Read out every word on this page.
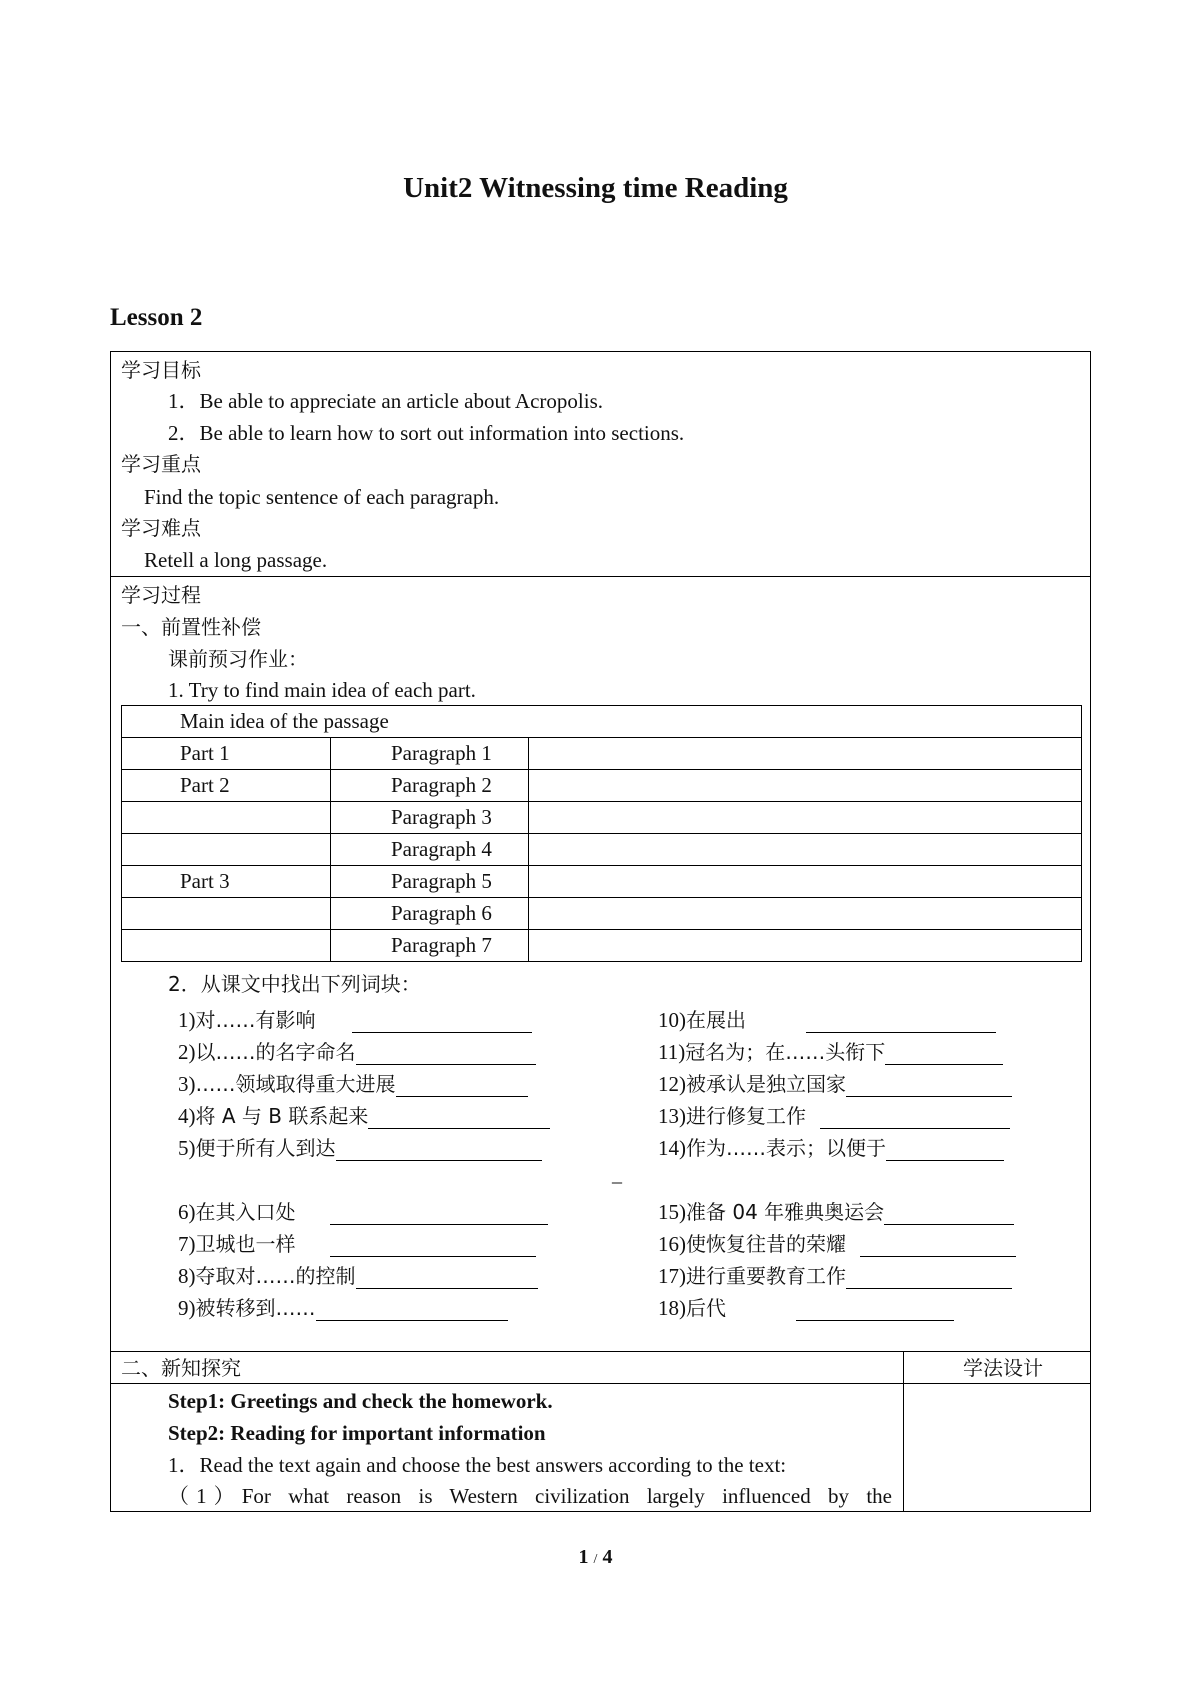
Unit2 Witnessing time Reading
Lesson 2
学习目标
1．Be able to appreciate an article about Acropolis.
2．Be able to learn how to sort out information into sections.
学习重点
Find the topic sentence of each paragraph.
学习难点
Retell a long passage.
学习过程
一、前置性补偿
课前预习作业：
1. Try to find main idea of each part.
Main idea of the passage		
Part 1	Paragraph 1	
Part 2	Paragraph 2	
	Paragraph 3	
	Paragraph 4	
Part 3	Paragraph 5	
	Paragraph 6	
	Paragraph 7	
2．从课文中找出下列词块：
1)对……有影响
2)以……的名字命名
3)……领域取得重大进展
4)将 A 与 B 联系起来
5)便于所有人到达
_
6)在其入口处
7)卫城也一样
8)夺取对……的控制
9)被转移到……
10)在展出
11)冠名为；在……头衔下
12)被承认是独立国家
13)进行修复工作
14)作为……表示；以便于
15)准备 04 年雅典奥运会
16)使恢复往昔的荣耀
17)进行重要教育工作
18)后代
二、新知探究	学法设计
Step1: Greetings and check the homework.
Step2: Reading for important information
1．Read the text again and choose the best answers according to the text:
（1）For what reason is Western civilization largely influenced by the
1 / 4
